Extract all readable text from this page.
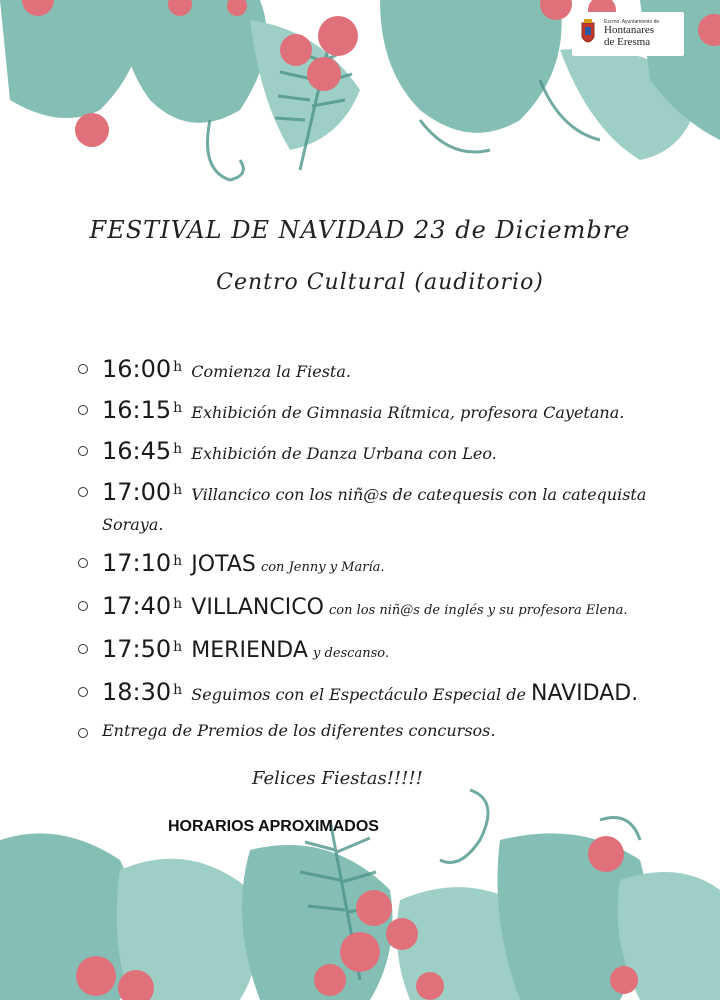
Excmo. Ayuntamiento de
Hontanares
de Eresma
FESTIVAL DE NAVIDAD 23 de Diciembre
Centro Cultural (auditorio)
16:00 h Comienza la Fiesta.
16:15 h Exhibición de Gimnasia Rítmica, profesora Cayetana.
16:45 h Exhibición de Danza Urbana con Leo.
17:00 h Villancico con los niñ@s de catequesis con la catequista Soraya.
17:10 h JOTAS con Jenny y María.
17:40 h VILLANCICO con los niñ@s de inglés y su profesora Elena.
17:50 h MERIENDA y descanso.
18:30 h Seguimos con el Espectáculo Especial de NAVIDAD.
Entrega de Premios de los diferentes concursos.
Felices Fiestas!!!!!
HORARIOS APROXIMADOS
